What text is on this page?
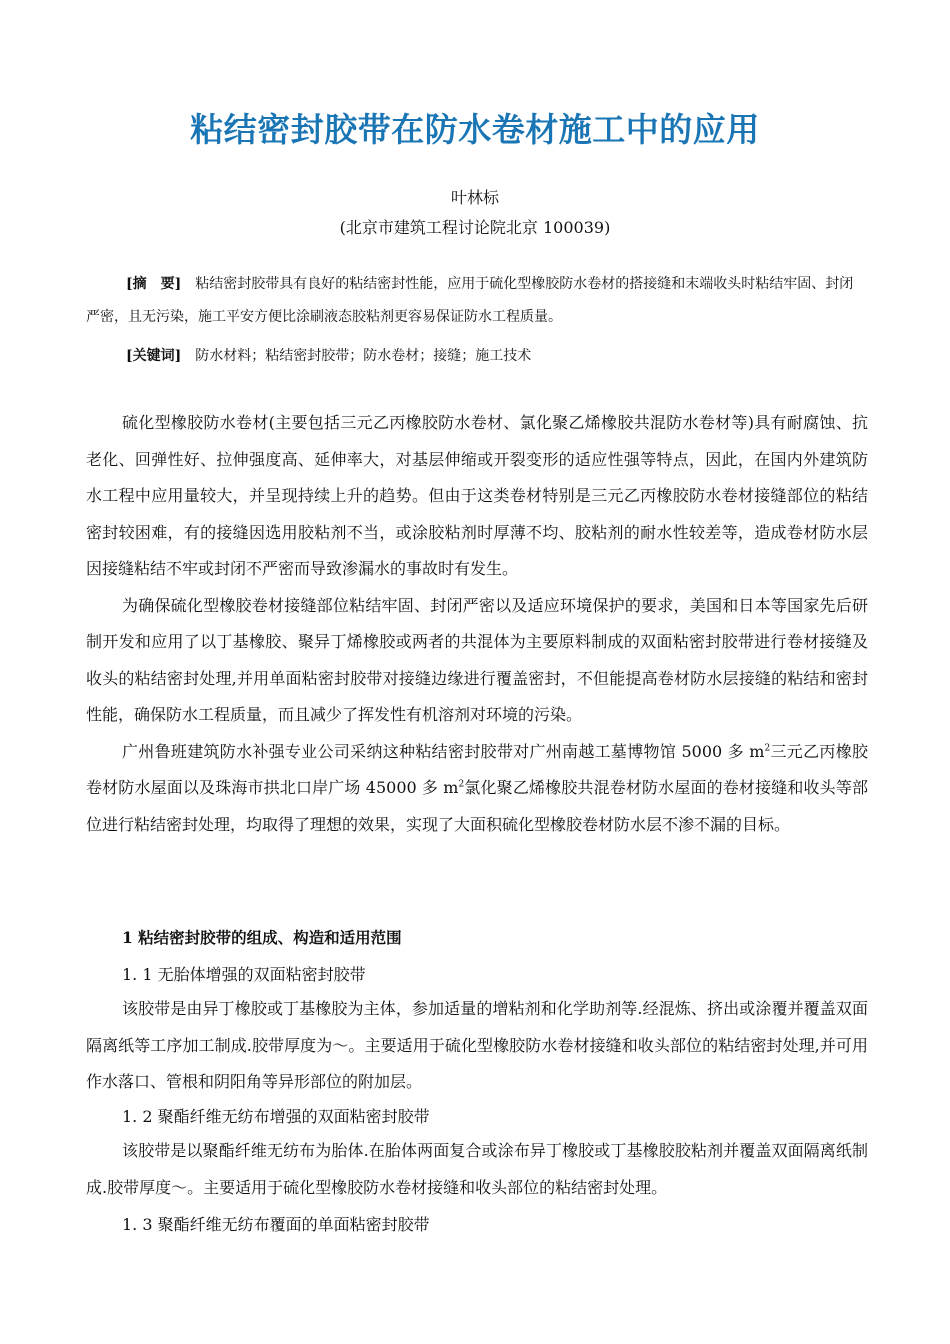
粘结密封胶带在防水卷材施工中的应用
叶林标
(北京市建筑工程讨论院北京 100039)
[摘　要] 粘结密封胶带具有良好的粘结密封性能，应用于硫化型橡胶防水卷材的搭接缝和末端收头时粘结牢固、封闭严密，且无污染，施工平安方便比涂刷液态胶粘剂更容易保证防水工程质量。
[关键词] 防水材料；粘结密封胶带；防水卷材；接缝；施工技术

硫化型橡胶防水卷材(主要包括三元乙丙橡胶防水卷材、氯化聚乙烯橡胶共混防水卷材等)具有耐腐蚀、抗老化、回弹性好、拉伸强度高、延伸率大，对基层伸缩或开裂变形的适应性强等特点，因此，在国内外建筑防水工程中应用量较大，并呈现持续上升的趋势。但由于这类卷材特别是三元乙丙橡胶防水卷材接缝部位的粘结密封较困难，有的接缝因选用胶粘剂不当，或涂胶粘剂时厚薄不均、胶粘剂的耐水性较差等，造成卷材防水层因接缝粘结不牢或封闭不严密而导致渗漏水的事故时有发生。

为确保硫化型橡胶卷材接缝部位粘结牢固、封闭严密以及适应环境保护的要求，美国和日本等国家先后研制开发和应用了以丁基橡胶、聚异丁烯橡胶或两者的共混体为主要原料制成的双面粘密封胶带进行卷材接缝及收头的粘结密封处理,并用单面粘密封胶带对接缝边缘进行覆盖密封，不但能提高卷材防水层接缝的粘结和密封性能，确保防水工程质量，而且减少了挥发性有机溶剂对环境的污染。

广州鲁班建筑防水补强专业公司采纳这种粘结密封胶带对广州南越工墓博物馆 5000 多 $m^2$三元乙丙橡胶卷材防水屋面以及珠海市拱北口岸广场 45000 多 $m^2$氯化聚乙烯橡胶共混卷材防水屋面的卷材接缝和收头等部位进行粘结密封处理，均取得了理想的效果，实现了大面积硫化型橡胶卷材防水层不渗不漏的目标。

1 粘结密封胶带的组成、构造和适用范围
1. 1 无胎体增强的双面粘密封胶带

该胶带是由异丁橡胶或丁基橡胶为主体，参加适量的增粘剂和化学助剂等.经混炼、挤出或涂覆并覆盖双面隔离纸等工序加工制成.胶带厚度为～。主要适用于硫化型橡胶防水卷材接缝和收头部位的粘结密封处理,并可用作水落口、管根和阴阳角等异形部位的附加层。

1. 2 聚酯纤维无纺布增强的双面粘密封胶带

该胶带是以聚酯纤维无纺布为胎体.在胎体两面复合或涂布异丁橡胶或丁基橡胶胶粘剂并覆盖双面隔离纸制成.胶带厚度～。主要适用于硫化型橡胶防水卷材接缝和收头部位的粘结密封处理。

1. 3 聚酯纤维无纺布覆面的单面粘密封胶带
